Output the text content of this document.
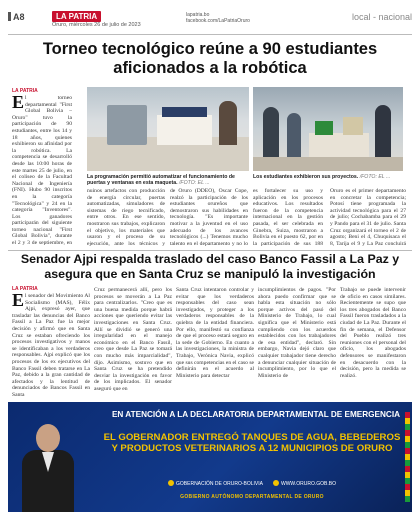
A8	LA PATRIA
Oruro, miércoles 26 de julio de 2023
lapatria.bo
facebook.com/LaPatriaOruro	local - nacional
Torneo tecnológico reúne a 90 estudiantes aficionados a la robótica
LA PATRIA
El torneo departamental "First Global Bolivia – Oruro" tuvo la participación de 90 estudiantes, entre los 14 y 18 años, quienes exhibieron su afinidad por la robótica. La competencia se desarrolló desde las 10:00 horas de este martes 25 de julio, en el coliseo de la Facultad Nacional de Ingeniería (FNI). Hubo 90 inscritos en la categoría "Tecnológica" y 24 en la categoría "Inventores". Los ganadores participarán del siguiente torneo nacional "First Global Bolivia", durante el 2 y 3 de septiembre, en
La programación permitió automatizar el funcionamiento de puertas y ventanas en esta maqueta. /FOTO: EL ...
Los estudiantes exhibieron sus proyectos. /FOTO: EL ...
nuinos artefactos con producción de energía circular, puertas automatizadas, simuladores de sistemas de riego tecnificado, entre otros. En ese sentido, mostraron sus trabajos, explicaron el objetivo, los materiales que usaron y el proceso de su ejecución, ante los técnicos y
de Oruro (DDEO), Oscar Cope, realzó la participación de los estudiantes orureños que demostraron sus habilidades en tecnología. "Es importante motivar a la juventud en el uso adecuado de los avances tecnológicos (...) Tenemos mucho talento en el departamento y no lo
es fortalecer su uso y aplicación en los procesos educativos. Los resultados fueron de la competencia internacional en la gestión pasada, el ser celebrada en Ginebra, Suiza, mostraron a Bolivia en el puesto 62, por en la participación de sus 188
Oruro es el primer departamento en concretar la competencia; Potosí tiene programada la actividad tecnológica para el 27 de julio; Cochabamba para el 29 y Pando para el 31 de julio. Santa Cruz organizará el torneo el 2 de agosto; Beni el 4, Chuquisaca el 8, Tarija el 9 y La Paz concluirá
Senador Ajpi respalda traslado del caso Banco Fassil a La Paz y asegura que en Santa Cruz se manipuló la investigación
LA PATRIA
El senador del Movimiento Al Socialismo (MAS), Félix Ajpi, expresó ayer, que trasladar las denuncias del Banco Fassil a La Paz fue la mejor decisión y afirmó que en Santa Cruz se estaban ofreciendo los procesos investigativos y manos se identificaban a los verdaderos responsables. Ajpi explicó que los procesos de los ex ejecutivos del Banco Fassil deben tratarse en La Paz, debido a la gran cantidad de afectados y la lentitud de denunciados de Bancos Fassil en Santa
Cruz permanecerá allí, pero los procesos se moverán a La Paz para centralizarlos. "Creo que es una buena medida porque habrá acciones que queriendo evitar las investigaciones en Santa Cruz. Allí se dividió se generó una irregularidad en el manejo económico en el Banco Fassil, creo que desde La Paz se tomará con mucho más imparcialidad", dijo. Asimismo, sostuvo que en Santa Cruz se ha pretendido desviar la investigación en favor de los implicados. El senador aseguró que en
Santa Cruz intentaron controlar y evitar que los verdaderos responsables del caso sean investigados, y proteger a los verdaderos responsables de la quiebra de la entidad financiera. Por ello, manifestó su confianza de que el proceso estará seguro en la sede de Gobierno. En cuanto a las investigaciones, la ministra de Trabajo, Verónica Navia, explicó que sus competencias en el caso se definirán en el acuerdo al Ministerio para detectar
incumplimientos de pagos. "Por ahora puedo confirmar que se habla esta situación no sólo porque activos del pasó del Ministerio de Trabajo, lo cual significa que el Ministerio está cumpliendo con los acuerdos establecidos con los trabajadores de esa entidad", declaró. Sin embargo, Navia dejó claro que cualquier trabajador tiene derecho a denunciar cualquier situación de incumplimiento, por lo que el Ministerio de
Trabajo se puede intervenir de oficio en casos similares. Recientemente se supo que los tres abogados del Banco Fassil fueron trasladados a la ciudad de La Paz. Durante el fin de semana, el Defensor del Pueblo realizó tres reuniones con el personal del oficio, los abogados defensores se manifestaron en desacuerdo con la decisión, pero la medida se realizó.
EN ATENCIÓN A LA DECLARATORIA DEPARTAMENTAL DE EMERGENCIA
EL GOBERNADOR ENTREGÓ TANQUES DE AGUA, BEBEDEROS Y PRODUCTOS VETERINARIOS A 12 MUNICIPIOS DE ORURO
GOBERNACIÓN DE ORURO-BOLIVIA	WWW.ORURO.GOB.BO
GOBIERNO AUTÓNOMO DEPARTAMENTAL DE ORURO
